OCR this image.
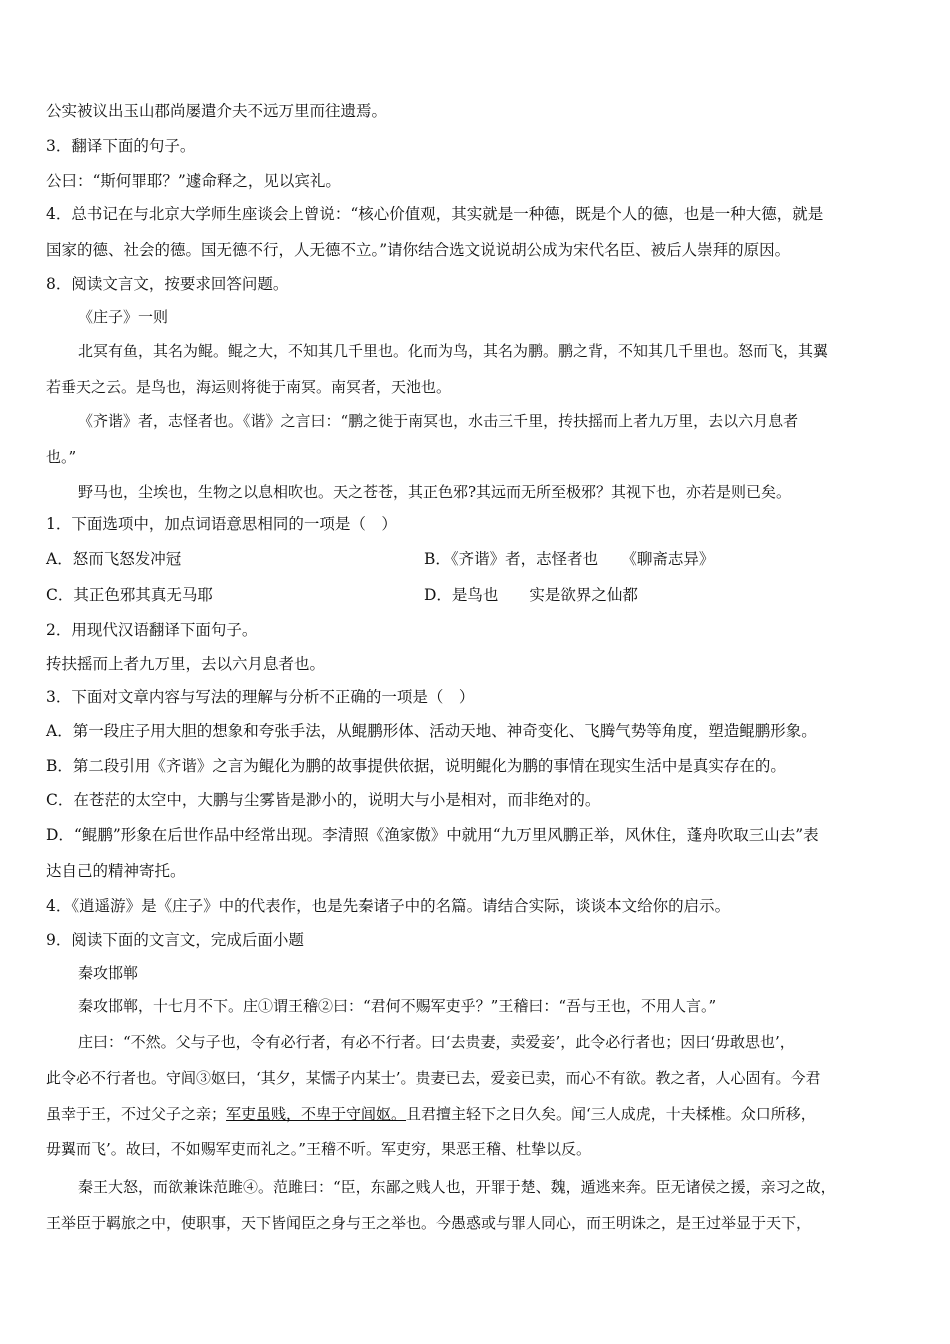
公实被议出玉山郡尚屡遣介夫不远万里而往遗焉。
3．翻译下面的句子。
公曰：“斯何罪耶？”遽命释之，见以宾礼。
4．总书记在与北京大学师生座谈会上曾说：“核心价值观，其实就是一种德，既是个人的德，也是一种大德，就是
国家的德、社会的德。国无德不行，人无德不立。”请你结合选文说说胡公成为宋代名臣、被后人崇拜的原因。
8．阅读文言文，按要求回答问题。
《庄子》一则
北冥有鱼，其名为鲲。鲲之大，不知其几千里也。化而为鸟，其名为鹏。鹏之背，不知其几千里也。怒而飞，其翼
若垂天之云。是鸟也，海运则将徙于南冥。南冥者，天池也。
《齐谐》者，志怪者也。《谐》之言曰：“鹏之徙于南冥也，水击三千里，抟扶摇而上者九万里，去以六月息者
也。”
野马也，尘埃也，生物之以息相吹也。天之苍苍，其正色邪?其远而无所至极邪？其视下也，亦若是则已矣。
1．下面选项中，加点词语意思相同的一项是（　）
A．怒而飞怒发冲冠	B．《齐谐》者，志怪者也　　《聊斋志异》
C．其正色邪其真无马耶	D．是鸟也　　实是欲界之仙都
2．用现代汉语翻译下面句子。
抟扶摇而上者九万里，去以六月息者也。
3．下面对文章内容与写法的理解与分析不正确的一项是（　）
A．第一段庄子用大胆的想象和夸张手法，从鲲鹏形体、活动天地、神奇变化、飞腾气势等角度，塑造鲲鹏形象。
B．第二段引用《齐谐》之言为鲲化为鹏的故事提供依据，说明鲲化为鹏的事情在现实生活中是真实存在的。
C．在苍茫的太空中，大鹏与尘雾皆是渺小的，说明大与小是相对，而非绝对的。
D．“鲲鹏”形象在后世作品中经常出现。李清照《渔家傲》中就用“九万里风鹏正举，风休住，蓬舟吹取三山去”表
达自己的精神寄托。
4．《逍遥游》是《庄子》中的代表作，也是先秦诸子中的名篇。请结合实际，谈谈本文给你的启示。
9．阅读下面的文言文，完成后面小题
秦攻邯郸
秦攻邯郸，十七月不下。庄①谓王稽②曰：“君何不赐军吏乎？”王稽曰：“吾与王也，不用人言。”
庄曰：“不然。父与子也，令有必行者，有必不行者。曰‘去贵妻，卖爱妾’，此令必行者也；因曰‘毋敢思也’，
此令必不行者也。守闾③妪曰，‘其夕，某懦子内某士’。贵妻已去，爱妾已卖，而心不有欲。教之者，人心固有。今君
虽幸于王，不过父子之亲；军吏虽贱，不卑于守闾妪。且君擅主轻下之日久矣。闻‘三人成虎，十夫楺椎。众口所移，
毋翼而飞’。故曰，不如赐军吏而礼之。”王稽不听。军吏穷，果恶王稽、杜挚以反。
秦王大怒，而欲兼诛范雎④。范雎曰：“臣，东鄙之贱人也，开罪于楚、魏，遁逃来奔。臣无诸侯之援，亲习之故，
王举臣于羁旅之中，使职事，天下皆闻臣之身与王之举也。今愚惑或与罪人同心，而王明诛之，是王过举显于天下，
